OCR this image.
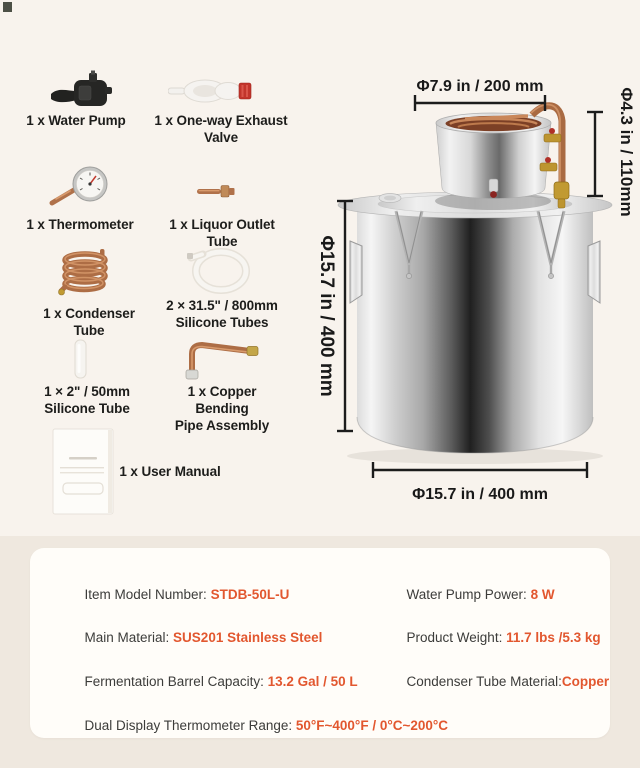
1 x Water Pump	1 x One-way Exhaust Valve
1 x Thermometer	1 x Liquor Outlet Tube
1 x Condenser Tube
2 × 31.5" / 800mm
Silicone Tubes
1 × 2" / 50mm
Silicone Tube
1 x Copper Bending
Pipe Assembly
1 x User Manual
Φ7.9 in / 200 mm
Φ4.3 in / 110mm
Φ15.7 in / 400 mm
Φ15.7 in / 400 mm

Item Model Number: STDB-50L-U

Main Material: SUS201 Stainless Steel

Fermentation Barrel Capacity: 13.2 Gal / 50 L

Dual Display Thermometer Range: 50°F~400°F / 0°C~200°C

Water Pump Power: 8 W

Product Weight: 11.7 lbs /5.3 kg

Condenser Tube Material:Copper
